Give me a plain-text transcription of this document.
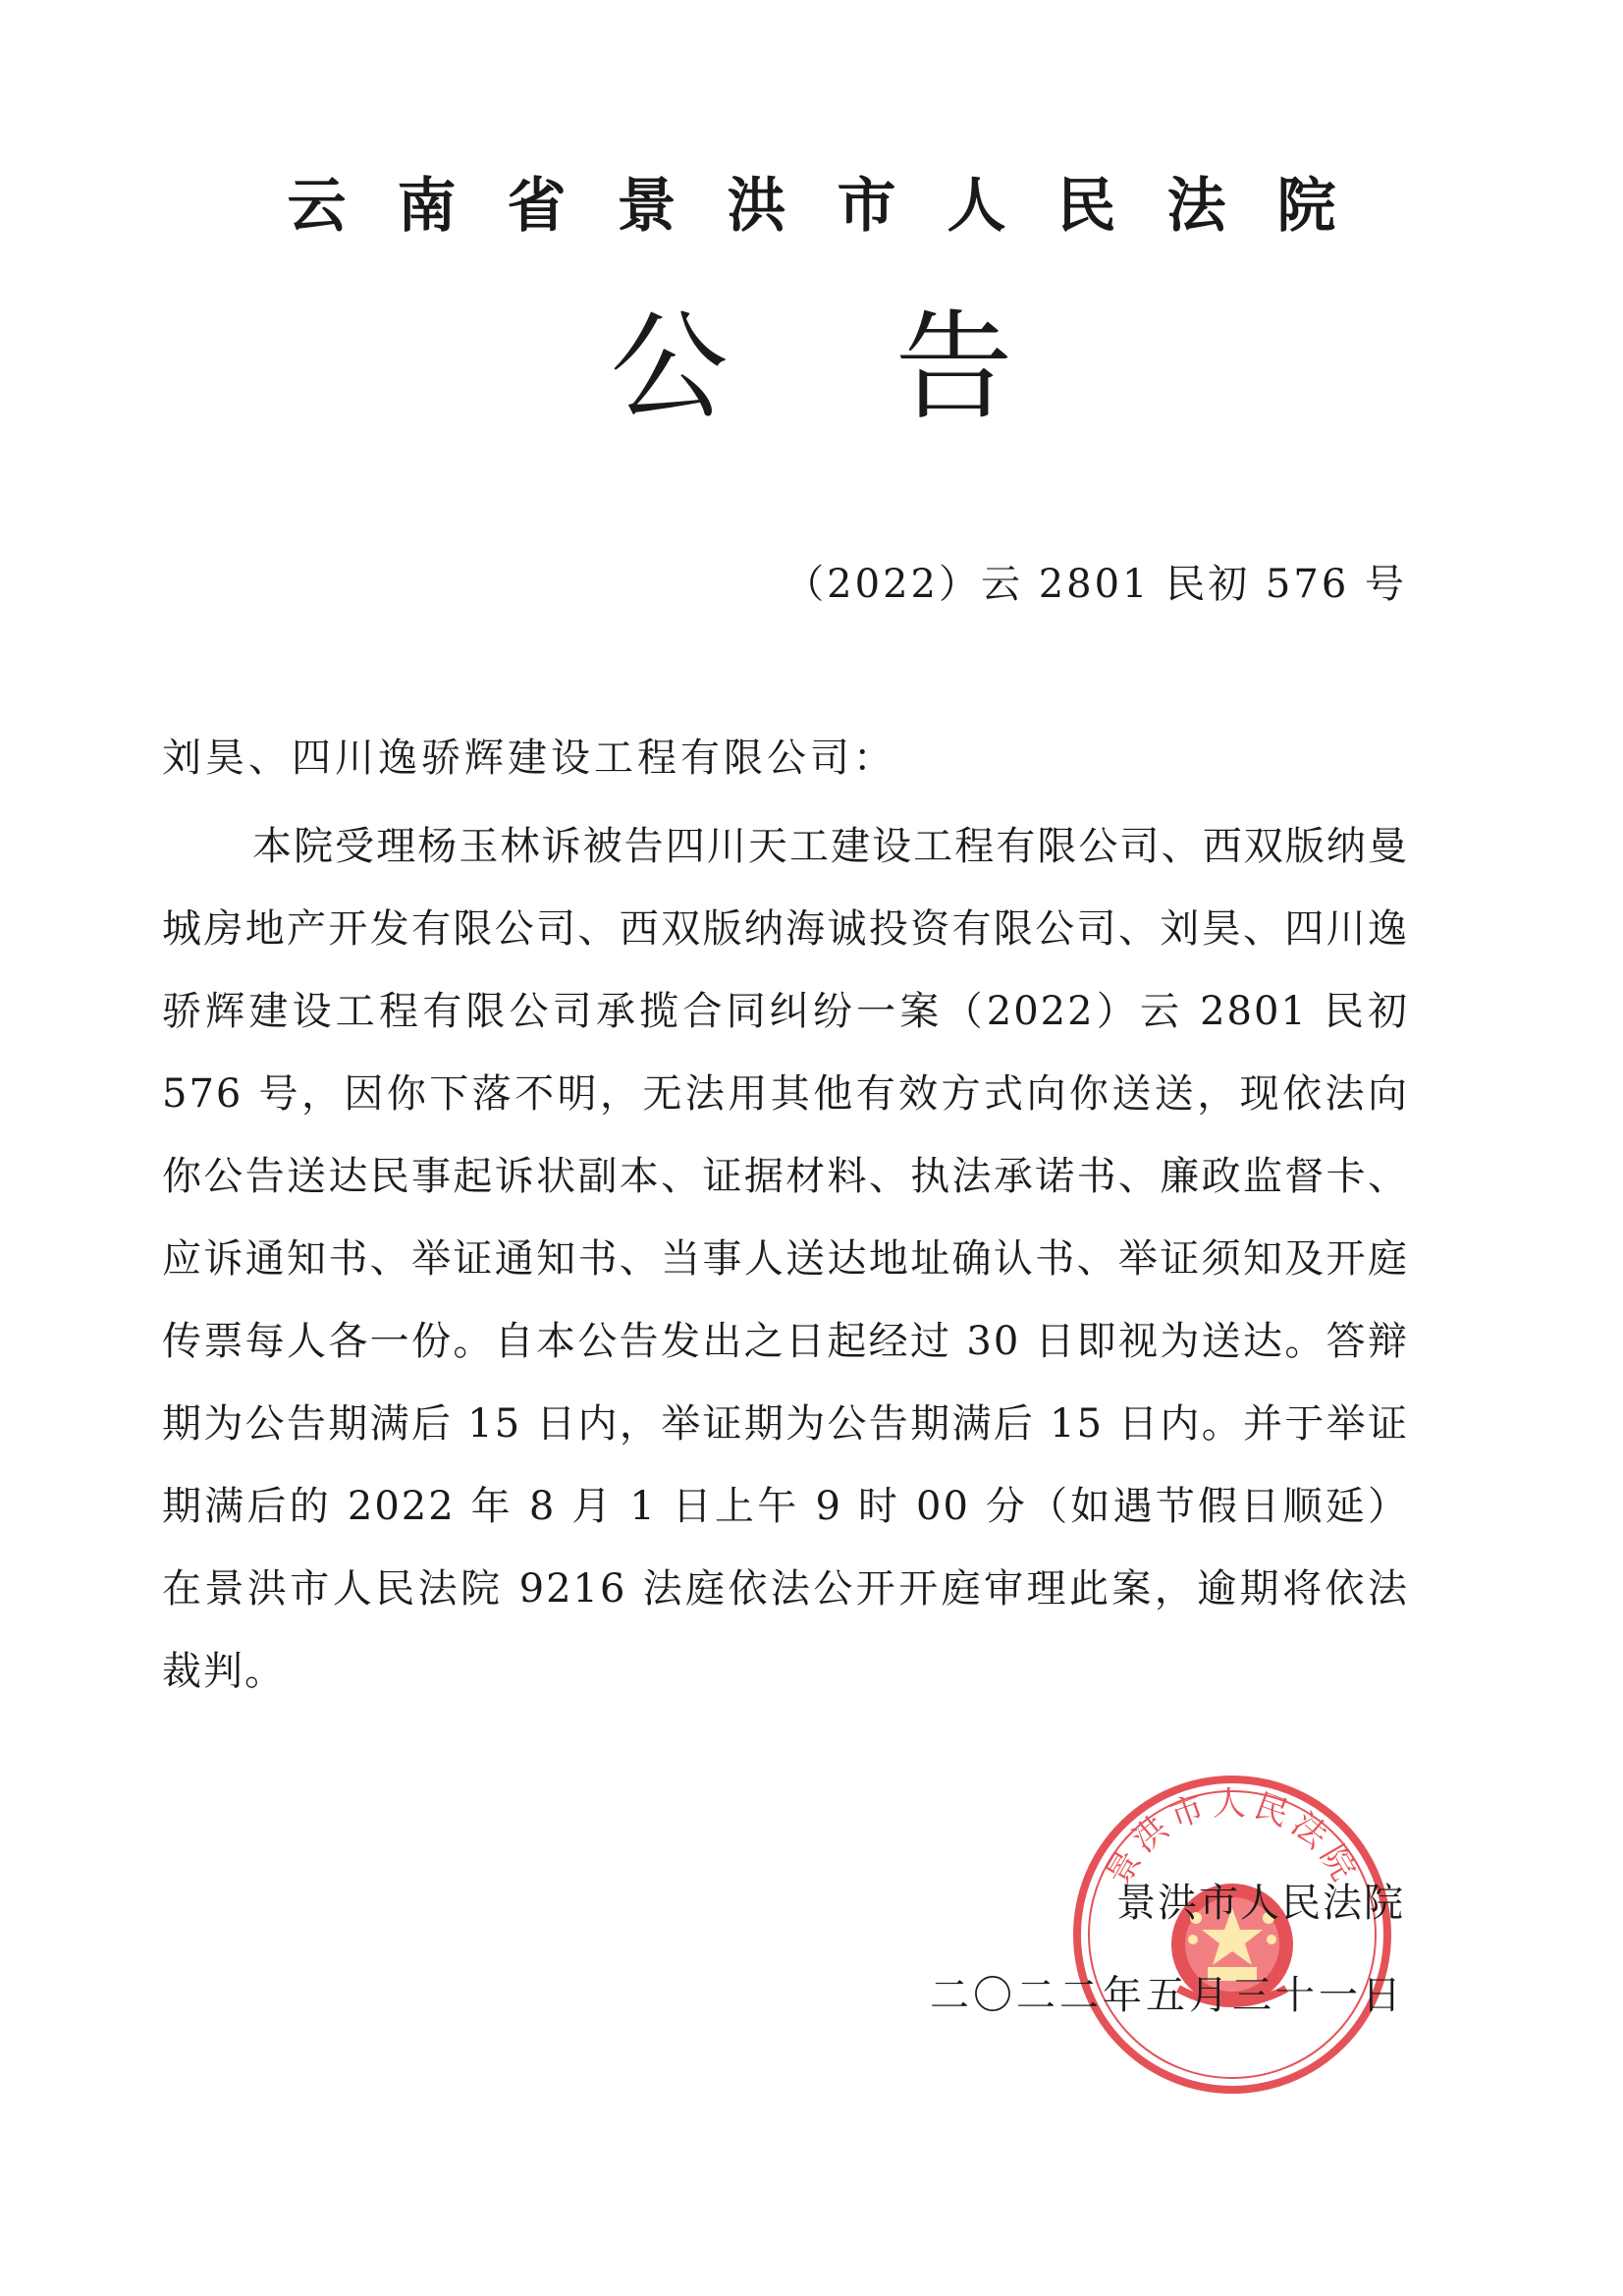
云南省景洪市人民法院
公告
（2022）云 2801 民初 576 号
刘昊、四川逸骄辉建设工程有限公司：

本院受理杨玉林诉被告四川天工建设工程有限公司、西双版纳曼城房地产开发有限公司、西双版纳海诚投资有限公司、刘昊、四川逸骄辉建设工程有限公司承揽合同纠纷一案（2022）云 2801 民初 576 号，因你下落不明，无法用其他有效方式向你送送，现依法向你公告送达民事起诉状副本、证据材料、执法承诺书、廉政监督卡、应诉通知书、举证通知书、当事人送达地址确认书、举证须知及开庭传票每人各一份。自本公告发出之日起经过 30 日即视为送达。答辩期为公告期满后 15 日内，举证期为公告期满后 15 日内。并于举证期满后的 2022 年 8 月 1 日上午 9 时 00 分（如遇节假日顺延）在景洪市人民法院 9216 法庭依法公开开庭审理此案，逾期将依法裁判。

景洪市人民法院
景洪市人民法院
二〇二二年五月三十一日
